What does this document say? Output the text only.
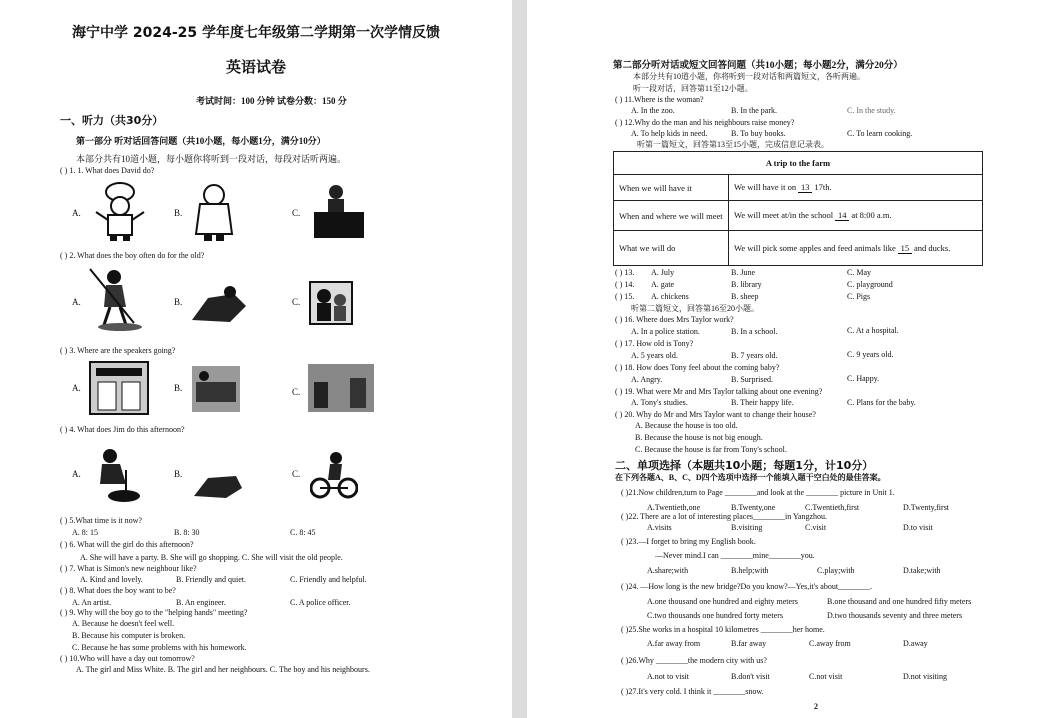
海宁中学 2024-25 学年度七年级第二学期第一次学情反馈
英语试卷
考试时间：100 分钟 试卷分数：150 分
一、听力（共30分）
第一部分 听对话回答问题（共10小题，每小题1分，满分10分）
本部分共有10道小题，每小题你将听到一段对话，每段对话听两遍。
( ) 1. 1. What does David do?
A.	B.	C.
( ) 2. What does the boy often do for the old?
A.	B.	C.
( ) 3. Where are the speakers going?
A.	B.	C.
( ) 4. What does Jim do this afternoon?
A.	B.	C.
( ) 5.What time is it now?
A. 8: 15	B. 8: 30	C. 8: 45
( ) 6. What will the girl do this afternoon?
A. She will have a party. B. She will go shopping. C. She will visit the old people.
( ) 7. What is Simon's new neighbour like?
A. Kind and lovely.	B. Friendly and quiet.	C. Friendly and helpful.
( ) 8. What does the boy want to be?
A. An artist.	B. An engineer.	C. A police officer.
( ) 9. Why will the boy go to the "helping hands" meeting?
A. Because he doesn't feel well.
B. Because his computer is broken.
C. Because he has some problems with his homework.
( ) 10.Who will have a day out tomorrow?
A. The girl and Miss White. B. The girl and her neighbours. C. The boy and his neighbours.
第二部分听对话或短文回答问题（共10小题；每小题2分，满分20分）
本部分共有10道小题，你将听到一段对话和两篇短文，各听两遍。
听一段对话，回答第11至12小题。
( ) 11.Where is the woman?
A. In the zoo.	B. In the park.	C. In the study.
( ) 12.Why do the man and his neighbours raise money?
A. To help kids in need.	B. To buy books.	C. To learn cooking.
听第一篇短文，回答第13至15小题，完成信息记录表。
A trip to the farm	
When we will have it	We will have it on 13 17th.
When and where we will meet	We will meet at/in the school 14 at 8:00 a.m.
What we will do	We will pick some apples and feed animals like 15 and ducks.
( ) 13. A. July	B. June	C. May
( ) 14. A. gate	B. library	C. playground
( ) 15. A. chickens	B. sheep	C. Pigs
听第二篇短文，回答第16至20小题。
( ) 16. Where does Mrs Taylor work?
A. In a police station.	B. In a school.	C. At a hospital.
( ) 17. How old is Tony?
A. 5 years old.	B. 7 years old.	C. 9 years old.
( ) 18. How does Tony feel about the coming baby?
A. Angry.	B. Surprised.	C. Happy.
( ) 19. What were Mr and Mrs Taylor talking about one evening?
A. Tony's studies.	B. Their happy life.	C. Plans for the baby.
( ) 20. Why do Mr and Mrs Taylor want to change their house?
A. Because the house is too old.
B. Because the house is not big enough.
C. Because the house is far from Tony's school.
二、单项选择（本题共10小题；每题1分，计10分）
在下列各题A、B、C、D四个选项中选择一个能填入题干空白处的最佳答案。
( )21.Now children,turn to Page ________and look at the ________ picture in Unit 1.
A.Twentieth,one	B.Twenty,one	C.Twentieth,first	D.Twenty,first
( )22. There are a lot of interesting places________in Yangzhou.
A.visits	B.visiting	C.visit	D.to visit
( )23.—I forget to bring my English book.
—Never mind.I can ________mine________you.
A.share;with	B.help;with	C.play;with	D.take;with
( )24. —How long is the new bridge?Do you know?—Yes,it's about________.
A.one thousand one hundred and eighty meters	B.one thousand and one hundred fifty meters
C.two thousands one hundred forty meters	D.two thousands seventy and three meters
( )25.She works in a hospital 10 kilometres ________her home.
A.far away from	B.far away	C.away from	D.away
( )26.Why ________the modern city with us?
A.not to visit	B.don't visit	C.not visit	D.not visiting
( )27.It's very cold. I think it ________snow.
2
